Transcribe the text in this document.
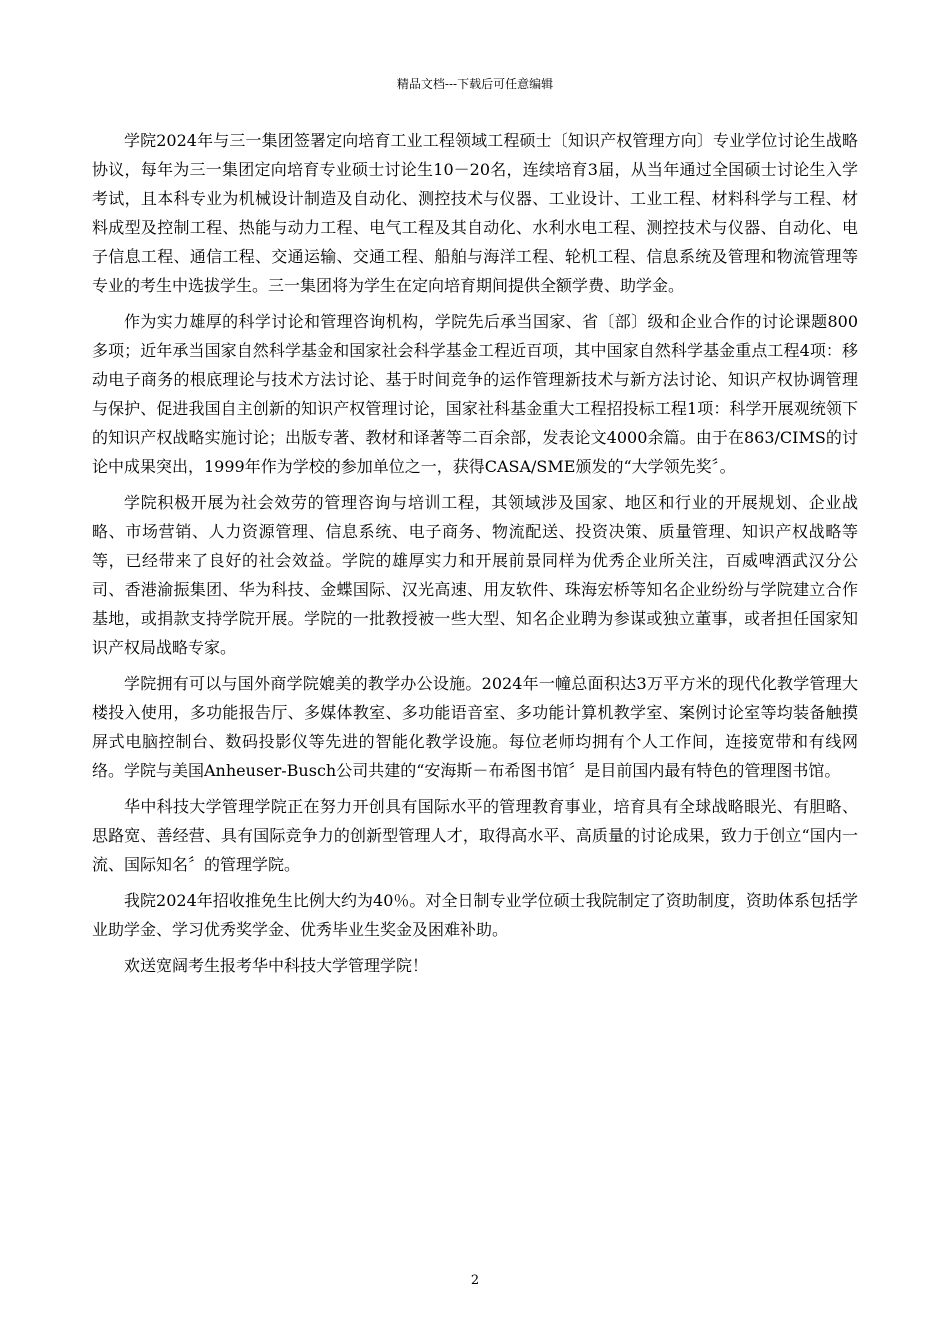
精品文档---下载后可任意编辑

学院2024年与三一集团签署定向培育工业工程领域工程硕士〔知识产权管理方向〕专业学位讨论生战略协议，每年为三一集团定向培育专业硕士讨论生10－20名，连续培育3届，从当年通过全国硕士讨论生入学考试，且本科专业为机械设计制造及自动化、测控技术与仪器、工业设计、工业工程、材料科学与工程、材料成型及控制工程、热能与动力工程、电气工程及其自动化、水利水电工程、测控技术与仪器、自动化、电子信息工程、通信工程、交通运输、交通工程、船舶与海洋工程、轮机工程、信息系统及管理和物流管理等专业的考生中选拔学生。三一集团将为学生在定向培育期间提供全额学费、助学金。

作为实力雄厚的科学讨论和管理咨询机构，学院先后承当国家、省〔部〕级和企业合作的讨论课题800多项；近年承当国家自然科学基金和国家社会科学基金工程近百项，其中国家自然科学基金重点工程4项：移动电子商务的根底理论与技术方法讨论、基于时间竞争的运作管理新技术与新方法讨论、知识产权协调管理与保护、促进我国自主创新的知识产权管理讨论，国家社科基金重大工程招投标工程1项：科学开展观统领下的知识产权战略实施讨论；出版专著、教材和译著等二百余部，发表论文4000余篇。由于在863/CIMS的讨论中成果突出，1999年作为学校的参加单位之一，获得CASA/SME颁发的“大学领先奖〞。

学院积极开展为社会效劳的管理咨询与培训工程，其领域涉及国家、地区和行业的开展规划、企业战略、市场营销、人力资源管理、信息系统、电子商务、物流配送、投资决策、质量管理、知识产权战略等等，已经带来了良好的社会效益。学院的雄厚实力和开展前景同样为优秀企业所关注，百威啤酒武汉分公司、香港渝振集团、华为科技、金蝶国际、汉光高速、用友软件、珠海宏桥等知名企业纷纷与学院建立合作基地，或捐款支持学院开展。学院的一批教授被一些大型、知名企业聘为参谋或独立董事，或者担任国家知识产权局战略专家。

学院拥有可以与国外商学院媲美的教学办公设施。2024年一幢总面积达3万平方米的现代化教学管理大楼投入使用，多功能报告厅、多媒体教室、多功能语音室、多功能计算机教学室、案例讨论室等均装备触摸屏式电脑控制台、数码投影仪等先进的智能化教学设施。每位老师均拥有个人工作间，连接宽带和有线网络。学院与美国Anheuser-Busch公司共建的“安海斯－布希图书馆〞是目前国内最有特色的管理图书馆。

华中科技大学管理学院正在努力开创具有国际水平的管理教育事业，培育具有全球战略眼光、有胆略、思路宽、善经营、具有国际竞争力的创新型管理人才，取得高水平、高质量的讨论成果，致力于创立“国内一流、国际知名〞的管理学院。

我院2024年招收推免生比例大约为40％。对全日制专业学位硕士我院制定了资助制度，资助体系包括学业助学金、学习优秀奖学金、优秀毕业生奖金及困难补助。

欢送宽阔考生报考华中科技大学管理学院！

2
